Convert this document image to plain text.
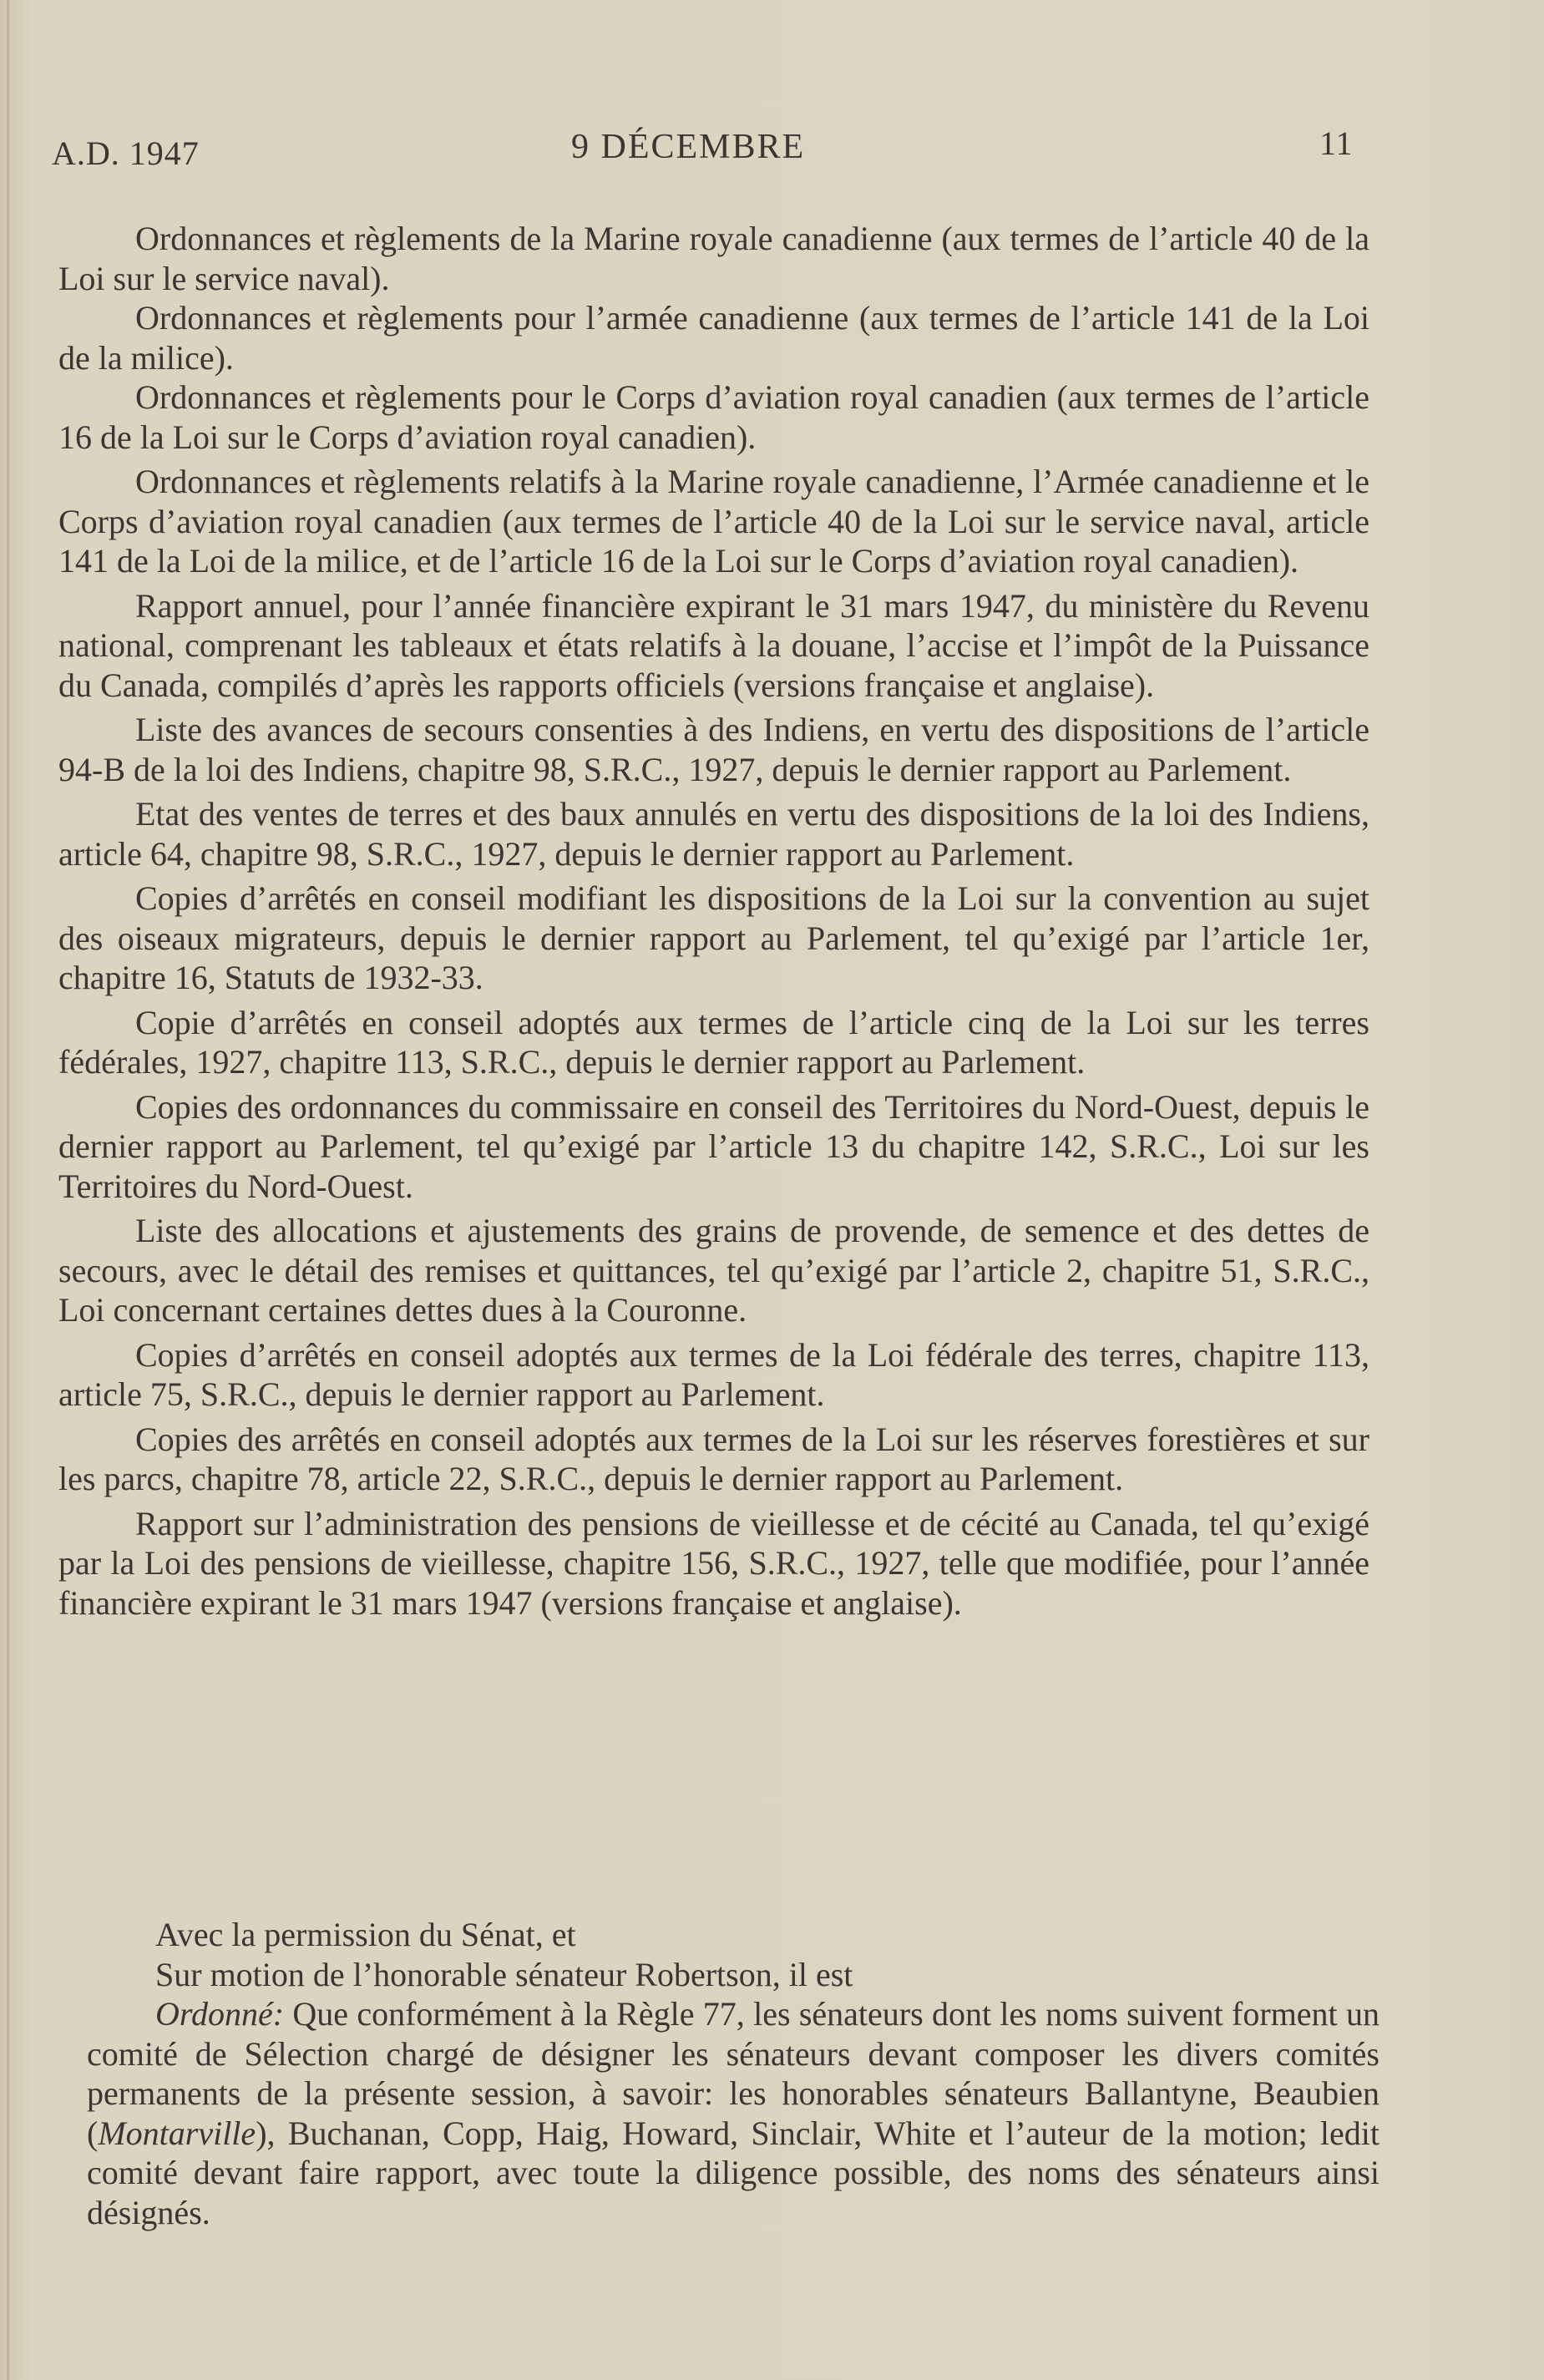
A.D. 1947	9 DÉCEMBRE	11

Ordonnances et règlements de la Marine royale canadienne (aux termes de l’article 40 de la Loi sur le service naval).

Ordonnances et règlements pour l’armée canadienne (aux termes de l’article 141 de la Loi de la milice).

Ordonnances et règlements pour le Corps d’aviation royal canadien (aux termes de l’article 16 de la Loi sur le Corps d’aviation royal canadien).

Ordonnances et règlements relatifs à la Marine royale canadienne, l’Armée canadienne et le Corps d’aviation royal canadien (aux termes de l’article 40 de la Loi sur le service naval, article 141 de la Loi de la milice, et de l’article 16 de la Loi sur le Corps d’aviation royal canadien).

Rapport annuel, pour l’année financière expirant le 31 mars 1947, du ministère du Revenu national, comprenant les tableaux et états relatifs à la douane, l’accise et l’impôt de la Puissance du Canada, compilés d’après les rapports officiels (versions française et anglaise).

Liste des avances de secours consenties à des Indiens, en vertu des dispositions de l’article 94-B de la loi des Indiens, chapitre 98, S.R.C., 1927, depuis le dernier rapport au Parlement.

Etat des ventes de terres et des baux annulés en vertu des dispositions de la loi des Indiens, article 64, chapitre 98, S.R.C., 1927, depuis le dernier rapport au Parlement.

Copies d’arrêtés en conseil modifiant les dispositions de la Loi sur la convention au sujet des oiseaux migrateurs, depuis le dernier rapport au Parlement, tel qu’exigé par l’article 1er, chapitre 16, Statuts de 1932-33.

Copie d’arrêtés en conseil adoptés aux termes de l’article cinq de la Loi sur les terres fédérales, 1927, chapitre 113, S.R.C., depuis le dernier rapport au Parlement.

Copies des ordonnances du commissaire en conseil des Territoires du Nord-Ouest, depuis le dernier rapport au Parlement, tel qu’exigé par l’article 13 du chapitre 142, S.R.C., Loi sur les Territoires du Nord-Ouest.

Liste des allocations et ajustements des grains de provende, de semence et des dettes de secours, avec le détail des remises et quittances, tel qu’exigé par l’article 2, chapitre 51, S.R.C., Loi concernant certaines dettes dues à la Couronne.

Copies d’arrêtés en conseil adoptés aux termes de la Loi fédérale des terres, chapitre 113, article 75, S.R.C., depuis le dernier rapport au Parlement.

Copies des arrêtés en conseil adoptés aux termes de la Loi sur les réserves forestières et sur les parcs, chapitre 78, article 22, S.R.C., depuis le dernier rapport au Parlement.

Rapport sur l’administration des pensions de vieillesse et de cécité au Canada, tel qu’exigé par la Loi des pensions de vieillesse, chapitre 156, S.R.C., 1927, telle que modifiée, pour l’année financière expirant le 31 mars 1947 (versions française et anglaise).

Avec la permission du Sénat, et

Sur motion de l’honorable sénateur Robertson, il est

Ordonné: Que conformément à la Règle 77, les sénateurs dont les noms suivent forment un comité de Sélection chargé de désigner les sénateurs devant composer les divers comités permanents de la présente session, à savoir: les honorables sénateurs Ballantyne, Beaubien (Montarville), Buchanan, Copp, Haig, Howard, Sinclair, White et l’auteur de la motion; ledit comité devant faire rapport, avec toute la diligence possible, des noms des sénateurs ainsi désignés.
